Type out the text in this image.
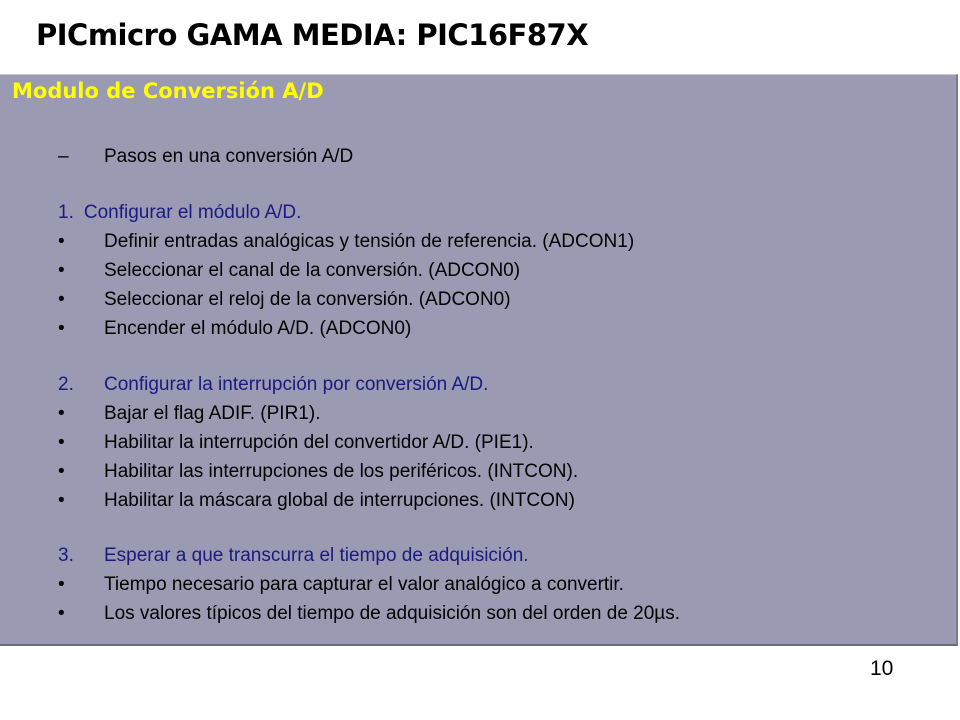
PICmicro GAMA MEDIA: PIC16F87X
Modulo de Conversión A/D
– Pasos en una conversión A/D
1. Configurar el módulo A/D.
• Definir entradas analógicas y tensión de referencia. (ADCON1)
• Seleccionar el canal de la conversión. (ADCON0)
• Seleccionar el reloj de la conversión. (ADCON0)
• Encender el módulo A/D. (ADCON0)
2. Configurar la interrupción por conversión A/D.
• Bajar el flag ADIF. (PIR1).
• Habilitar la interrupción del convertidor A/D. (PIE1).
• Habilitar las interrupciones de los periféricos. (INTCON).
• Habilitar la máscara global de interrupciones. (INTCON)
3. Esperar a que transcurra el tiempo de adquisición.
• Tiempo necesario para capturar el valor analógico a convertir.
• Los valores típicos del tiempo de adquisición son del orden de 20µs.
10
